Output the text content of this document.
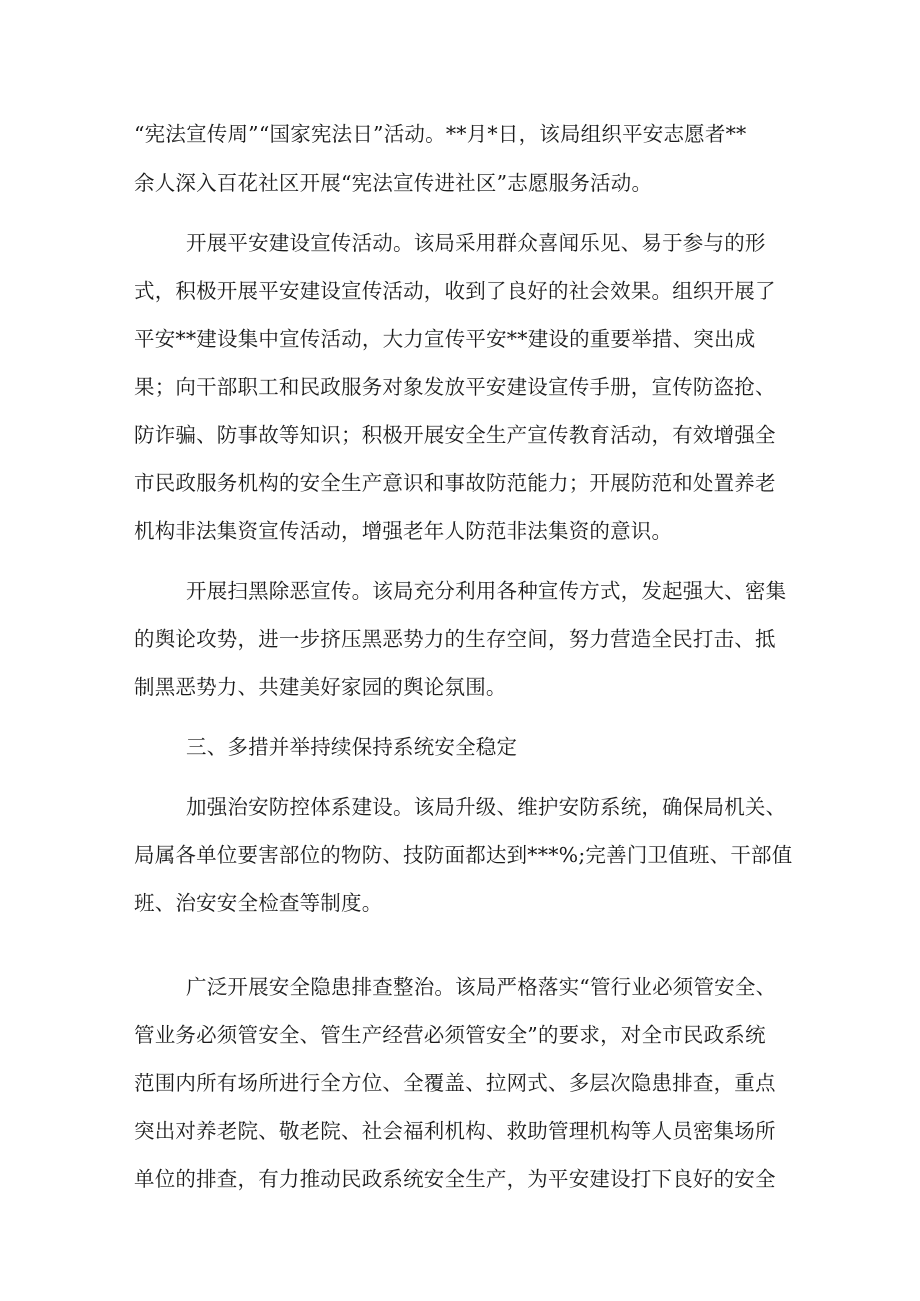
“宪法宣传周”“国家宪法日”活动。**月*日，该局组织平安志愿者**
余人深入百花社区开展“宪法宣传进社区”志愿服务活动。
开展平安建设宣传活动。该局采用群众喜闻乐见、易于参与的形
式，积极开展平安建设宣传活动，收到了良好的社会效果。组织开展了
平安**建设集中宣传活动，大力宣传平安**建设的重要举措、突出成
果；向干部职工和民政服务对象发放平安建设宣传手册，宣传防盗抢、
防诈骗、防事故等知识；积极开展安全生产宣传教育活动，有效增强全
市民政服务机构的安全生产意识和事故防范能力；开展防范和处置养老
机构非法集资宣传活动，增强老年人防范非法集资的意识。
开展扫黑除恶宣传。该局充分利用各种宣传方式，发起强大、密集
的舆论攻势，进一步挤压黑恶势力的生存空间，努力营造全民打击、抵
制黑恶势力、共建美好家园的舆论氛围。
三、多措并举持续保持系统安全稳定
加强治安防控体系建设。该局升级、维护安防系统，确保局机关、
局属各单位要害部位的物防、技防面都达到***%;完善门卫值班、干部值
班、治安安全检查等制度。
广泛开展安全隐患排查整治。该局严格落实“管行业必须管安全、
管业务必须管安全、管生产经营必须管安全”的要求，对全市民政系统
范围内所有场所进行全方位、全覆盖、拉网式、多层次隐患排查，重点
突出对养老院、敬老院、社会福利机构、救助管理机构等人员密集场所
单位的排查，有力推动民政系统安全生产，为平安建设打下良好的安全
